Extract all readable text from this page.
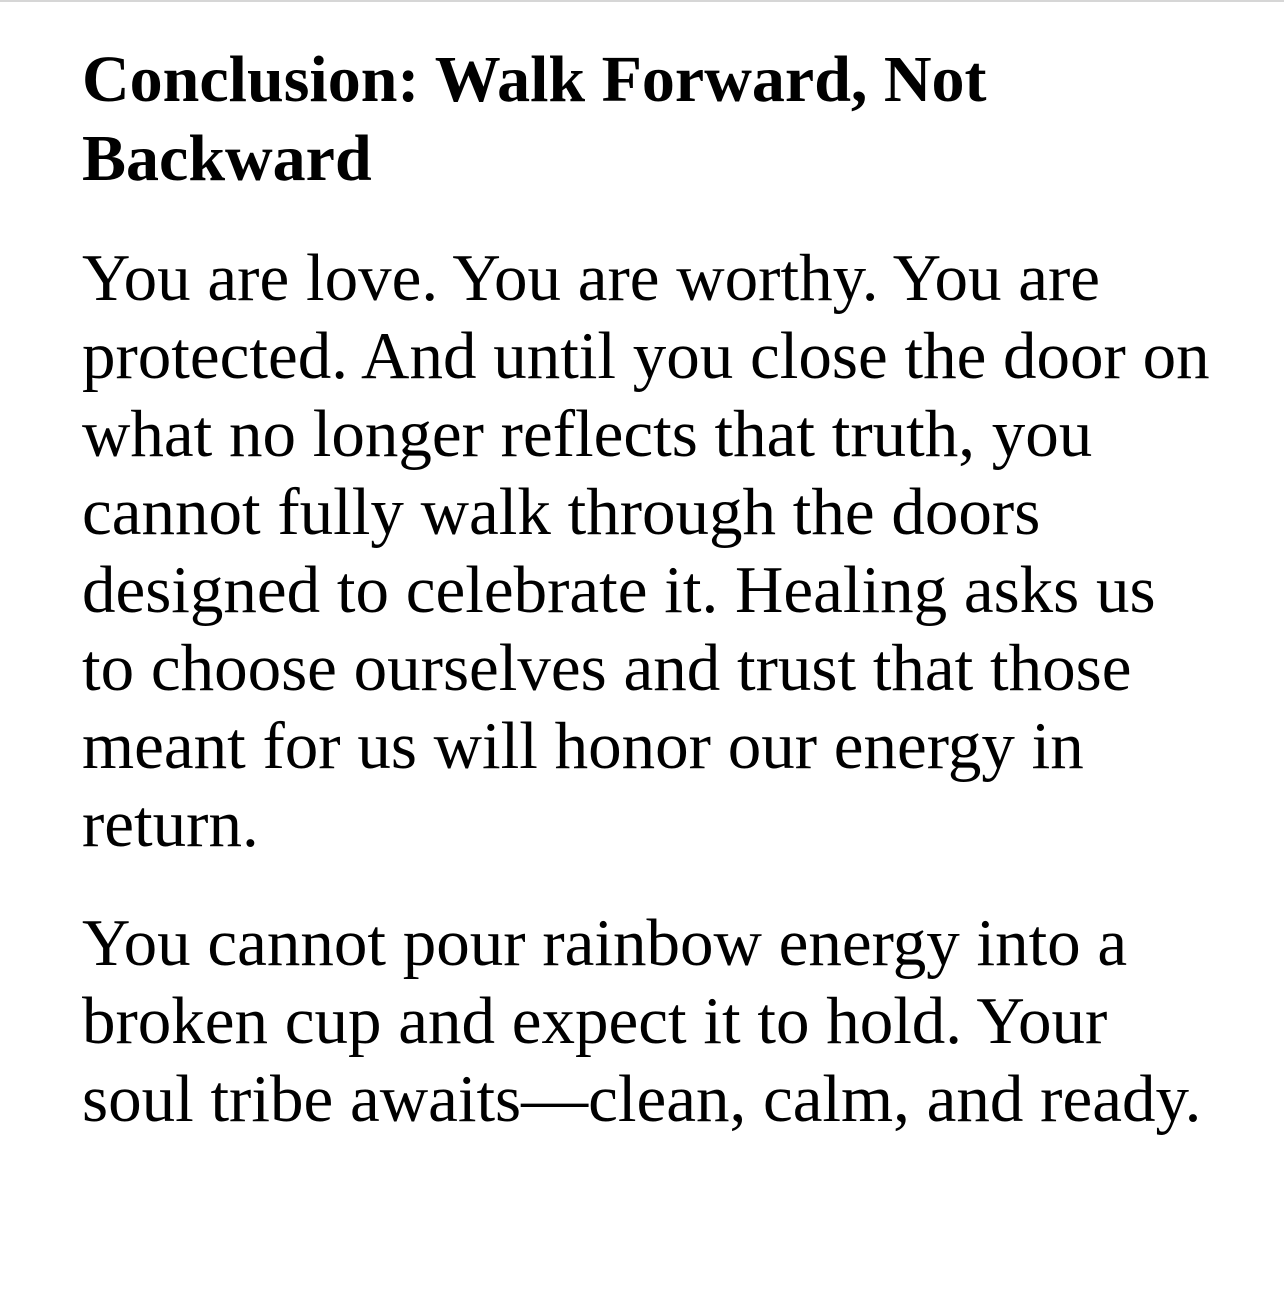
Conclusion: Walk Forward, Not Backward

You are love. You are worthy. You are protected. And until you close the door on what no longer reflects that truth, you cannot fully walk through the doors designed to celebrate it. Healing asks us to choose ourselves and trust that those meant for us will honor our energy in return.

You cannot pour rainbow energy into a broken cup and expect it to hold. Your soul tribe awaits—clean, calm, and ready.
